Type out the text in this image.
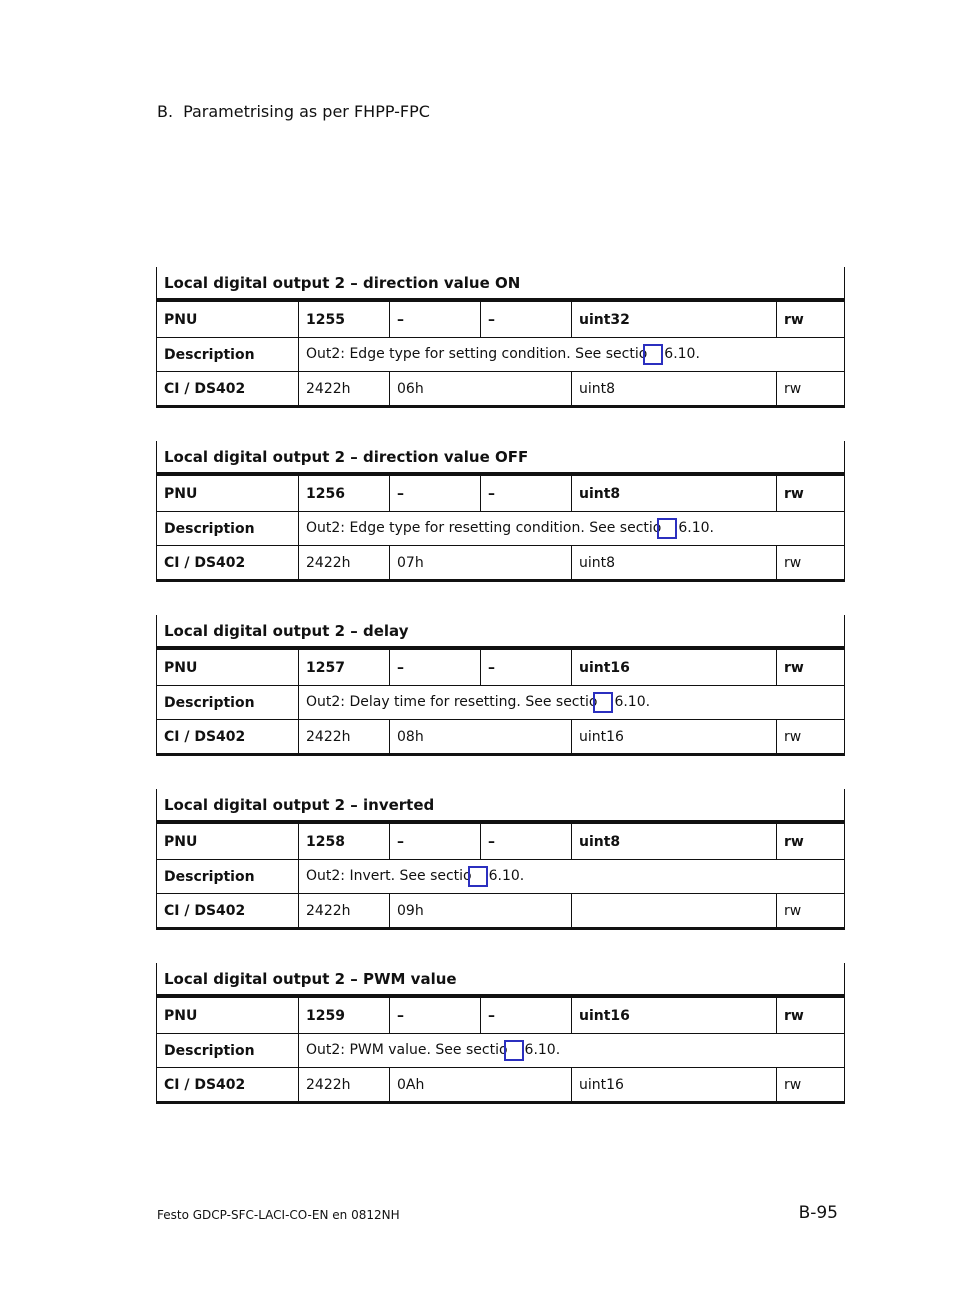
B. Parametrising as per FHPP-FPC
Local digital output 2 – direction value ON					
PNU	1255	–	–	uint32	rw
Description	Out2: Edge type for setting condition. See sectio 6.10.				
CI / DS402	2422h	06h		uint8	rw
Local digital output 2 – direction value OFF					
PNU	1256	–	–	uint8	rw
Description	Out2: Edge type for resetting condition. See sectio 6.10.				
CI / DS402	2422h	07h		uint8	rw
Local digital output 2 – delay					
PNU	1257	–	–	uint16	rw
Description	Out2: Delay time for resetting. See sectio 6.10.				
CI / DS402	2422h	08h		uint16	rw
Local digital output 2 – inverted					
PNU	1258	–	–	uint8	rw
Description	Out2: Invert. See sectio 6.10.				
CI / DS402	2422h	09h			rw
Local digital output 2 – PWM value					
PNU	1259	–	–	uint16	rw
Description	Out2: PWM value. See sectio 6.10.				
CI / DS402	2422h	0Ah		uint16	rw
Festo GDCP-SFC-LACI-CO-EN en 0812NH	B-95
